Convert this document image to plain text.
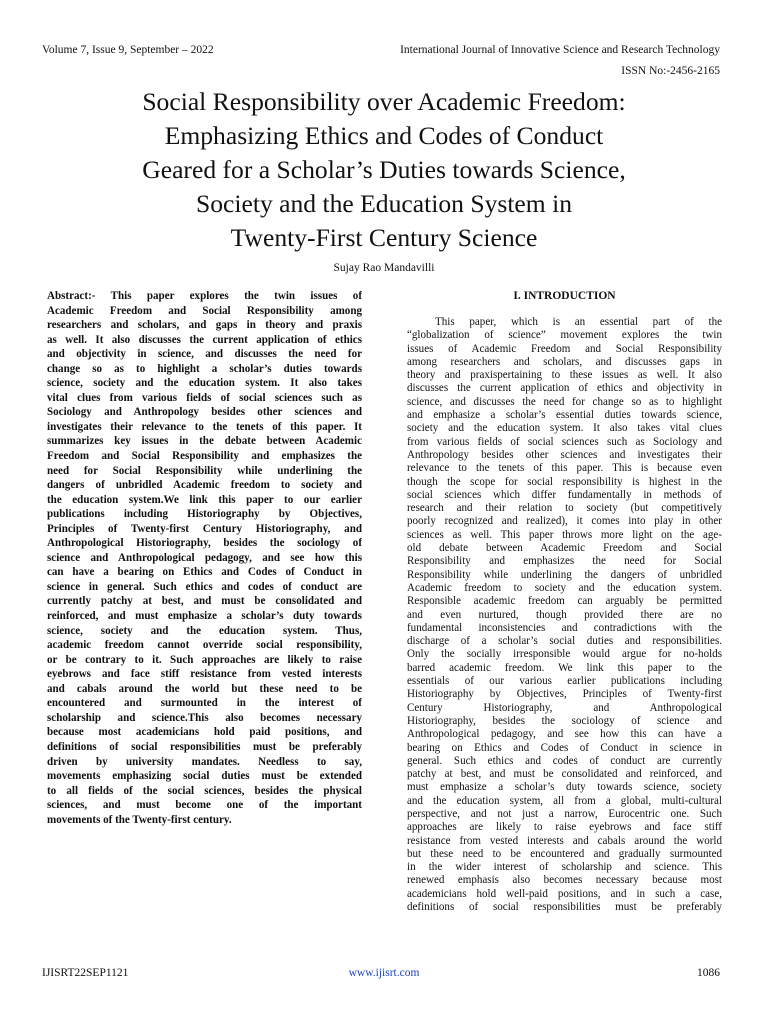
Volume 7, Issue 9, September – 2022	International Journal of Innovative Science and Research Technology
ISSN No:-2456-2165
Social Responsibility over Academic Freedom:
Emphasizing Ethics and Codes of Conduct
Geared for a Scholar’s Duties towards Science,
Society and the Education System in
Twenty-First Century Science
Sujay Rao Mandavilli
Abstract:- This paper explores the twin issues of
Academic Freedom and Social Responsibility among
researchers and scholars, and gaps in theory and praxis
as well. It also discusses the current application of ethics
and objectivity in science, and discusses the need for
change so as to highlight a scholar’s duties towards
science, society and the education system. It also takes
vital clues from various fields of social sciences such as
Sociology and Anthropology besides other sciences and
investigates their relevance to the tenets of this paper. It
summarizes key issues in the debate between Academic
Freedom and Social Responsibility and emphasizes the
need for Social Responsibility while underlining the
dangers of unbridled Academic freedom to society and
the education system.We link this paper to our earlier
publications including Historiography by Objectives,
Principles of Twenty-first Century Historiography, and
Anthropological Historiography, besides the sociology of
science and Anthropological pedagogy, and see how this
can have a bearing on Ethics and Codes of Conduct in
science in general. Such ethics and codes of conduct are
currently patchy at best, and must be consolidated and
reinforced, and must emphasize a scholar’s duty towards
science, society and the education system. Thus,
academic freedom cannot override social responsibility,
or be contrary to it. Such approaches are likely to raise
eyebrows and face stiff resistance from vested interests
and cabals around the world but these need to be
encountered and surmounted in the interest of
scholarship and science.This also becomes necessary
because most academicians hold paid positions, and
definitions of social responsibilities must be preferably
driven by university mandates. Needless to say,
movements emphasizing social duties must be extended
to all fields of the social sciences, besides the physical
sciences, and must become one of the important
movements of the Twenty-first century.
I. INTRODUCTION
This paper, which is an essential part of the
“globalization of science” movement explores the twin
issues of Academic Freedom and Social Responsibility
among researchers and scholars, and discusses gaps in
theory and praxispertaining to these issues as well. It also
discusses the current application of ethics and objectivity in
science, and discusses the need for change so as to highlight
and emphasize a scholar’s essential duties towards science,
society and the education system. It also takes vital clues
from various fields of social sciences such as Sociology and
Anthropology besides other sciences and investigates their
relevance to the tenets of this paper. This is because even
though the scope for social responsibility is highest in the
social sciences which differ fundamentally in methods of
research and their relation to society (but competitively
poorly recognized and realized), it comes into play in other
sciences as well. This paper throws more light on the age-
old debate between Academic Freedom and Social
Responsibility and emphasizes the need for Social
Responsibility while underlining the dangers of unbridled
Academic freedom to society and the education system.
Responsible academic freedom can arguably be permitted
and even nurtured, though provided there are no
fundamental inconsistencies and contradictions with the
discharge of a scholar’s social duties and responsibilities.
Only the socially irresponsible would argue for no-holds
barred academic freedom. We link this paper to the
essentials of our various earlier publications including
Historiography by Objectives, Principles of Twenty-first
Century Historiography, and Anthropological
Historiography, besides the sociology of science and
Anthropological pedagogy, and see how this can have a
bearing on Ethics and Codes of Conduct in science in
general. Such ethics and codes of conduct are currently
patchy at best, and must be consolidated and reinforced, and
must emphasize a scholar’s duty towards science, society
and the education system, all from a global, multi-cultural
perspective, and not just a narrow, Eurocentric one. Such
approaches are likely to raise eyebrows and face stiff
resistance from vested interests and cabals around the world
but these need to be encountered and gradually surmounted
in the wider interest of scholarship and science. This
renewed emphasis also becomes necessary because most
academicians hold well-paid positions, and in such a case,
definitions of social responsibilities must be preferably
IJISRT22SEP1121	www.ijisrt.com	1086
